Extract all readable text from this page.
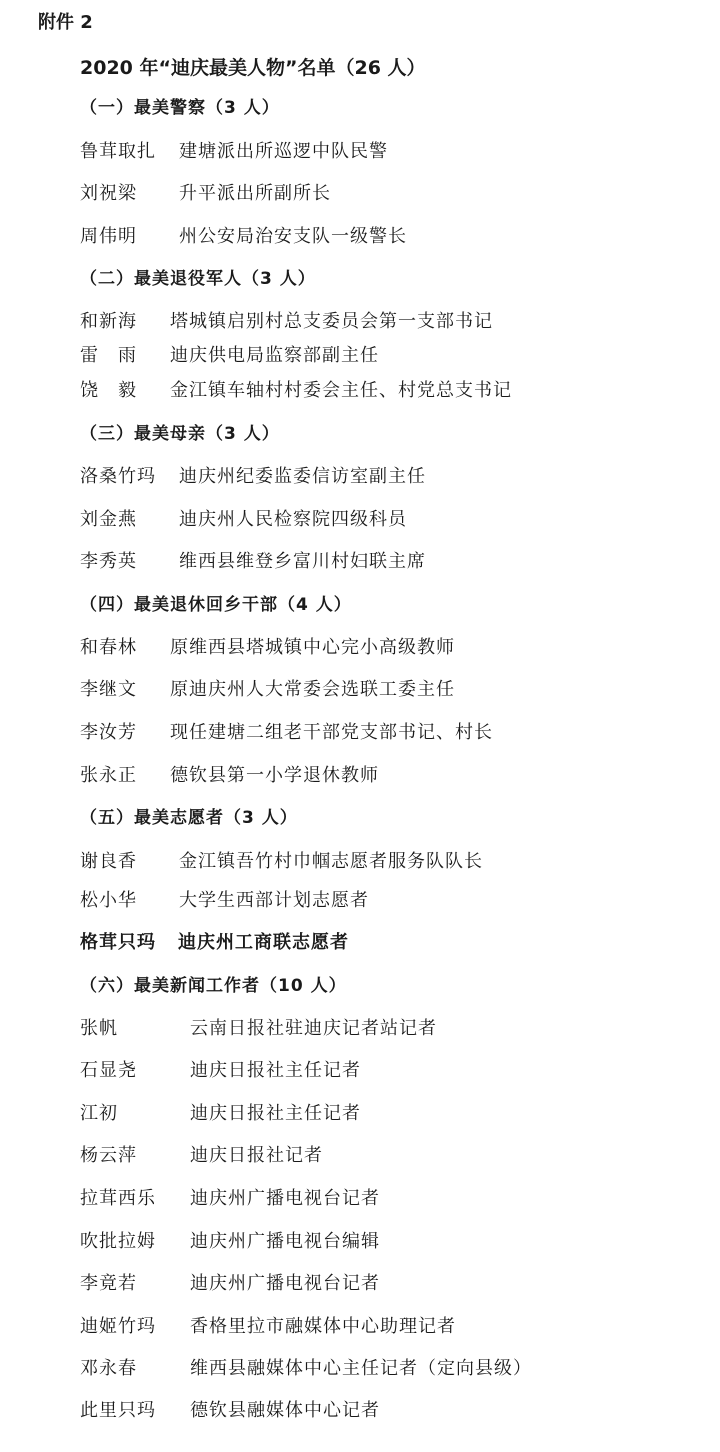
附件 2
2020 年“迪庆最美人物”名单（26 人）
（一）最美警察（3 人）
鲁茸取扎 建塘派出所巡逻中队民警
刘祝梁 升平派出所副所长
周伟明 州公安局治安支队一级警长
（二）最美退役军人（3 人）
和新海 塔城镇启别村总支委员会第一支部书记
雷　雨 迪庆供电局监察部副主任
饶　毅 金江镇车轴村村委会主任、村党总支书记
（三）最美母亲（3 人）
洛桑竹玛 迪庆州纪委监委信访室副主任
刘金燕 迪庆州人民检察院四级科员
李秀英 维西县维登乡富川村妇联主席
（四）最美退休回乡干部（4 人）
和春林 原维西县塔城镇中心完小高级教师
李继文 原迪庆州人大常委会选联工委主任
李汝芳 现任建塘二组老干部党支部书记、村长
张永正 德钦县第一小学退休教师
（五）最美志愿者（3 人）
谢良香 金江镇吾竹村巾帼志愿者服务队队长
松小华 大学生西部计划志愿者
格茸只玛 迪庆州工商联志愿者
（六）最美新闻工作者（10 人）
张帆	云南日报社驻迪庆记者站记者
石显尧	迪庆日报社主任记者
江初	迪庆日报社主任记者
杨云萍	迪庆日报社记者
拉茸西乐 迪庆州广播电视台记者
吹批拉姆 迪庆州广播电视台编辑
李竟若	迪庆州广播电视台记者
迪姬竹玛 香格里拉市融媒体中心助理记者
邓永春	维西县融媒体中心主任记者（定向县级）
此里只玛 德钦县融媒体中心记者
